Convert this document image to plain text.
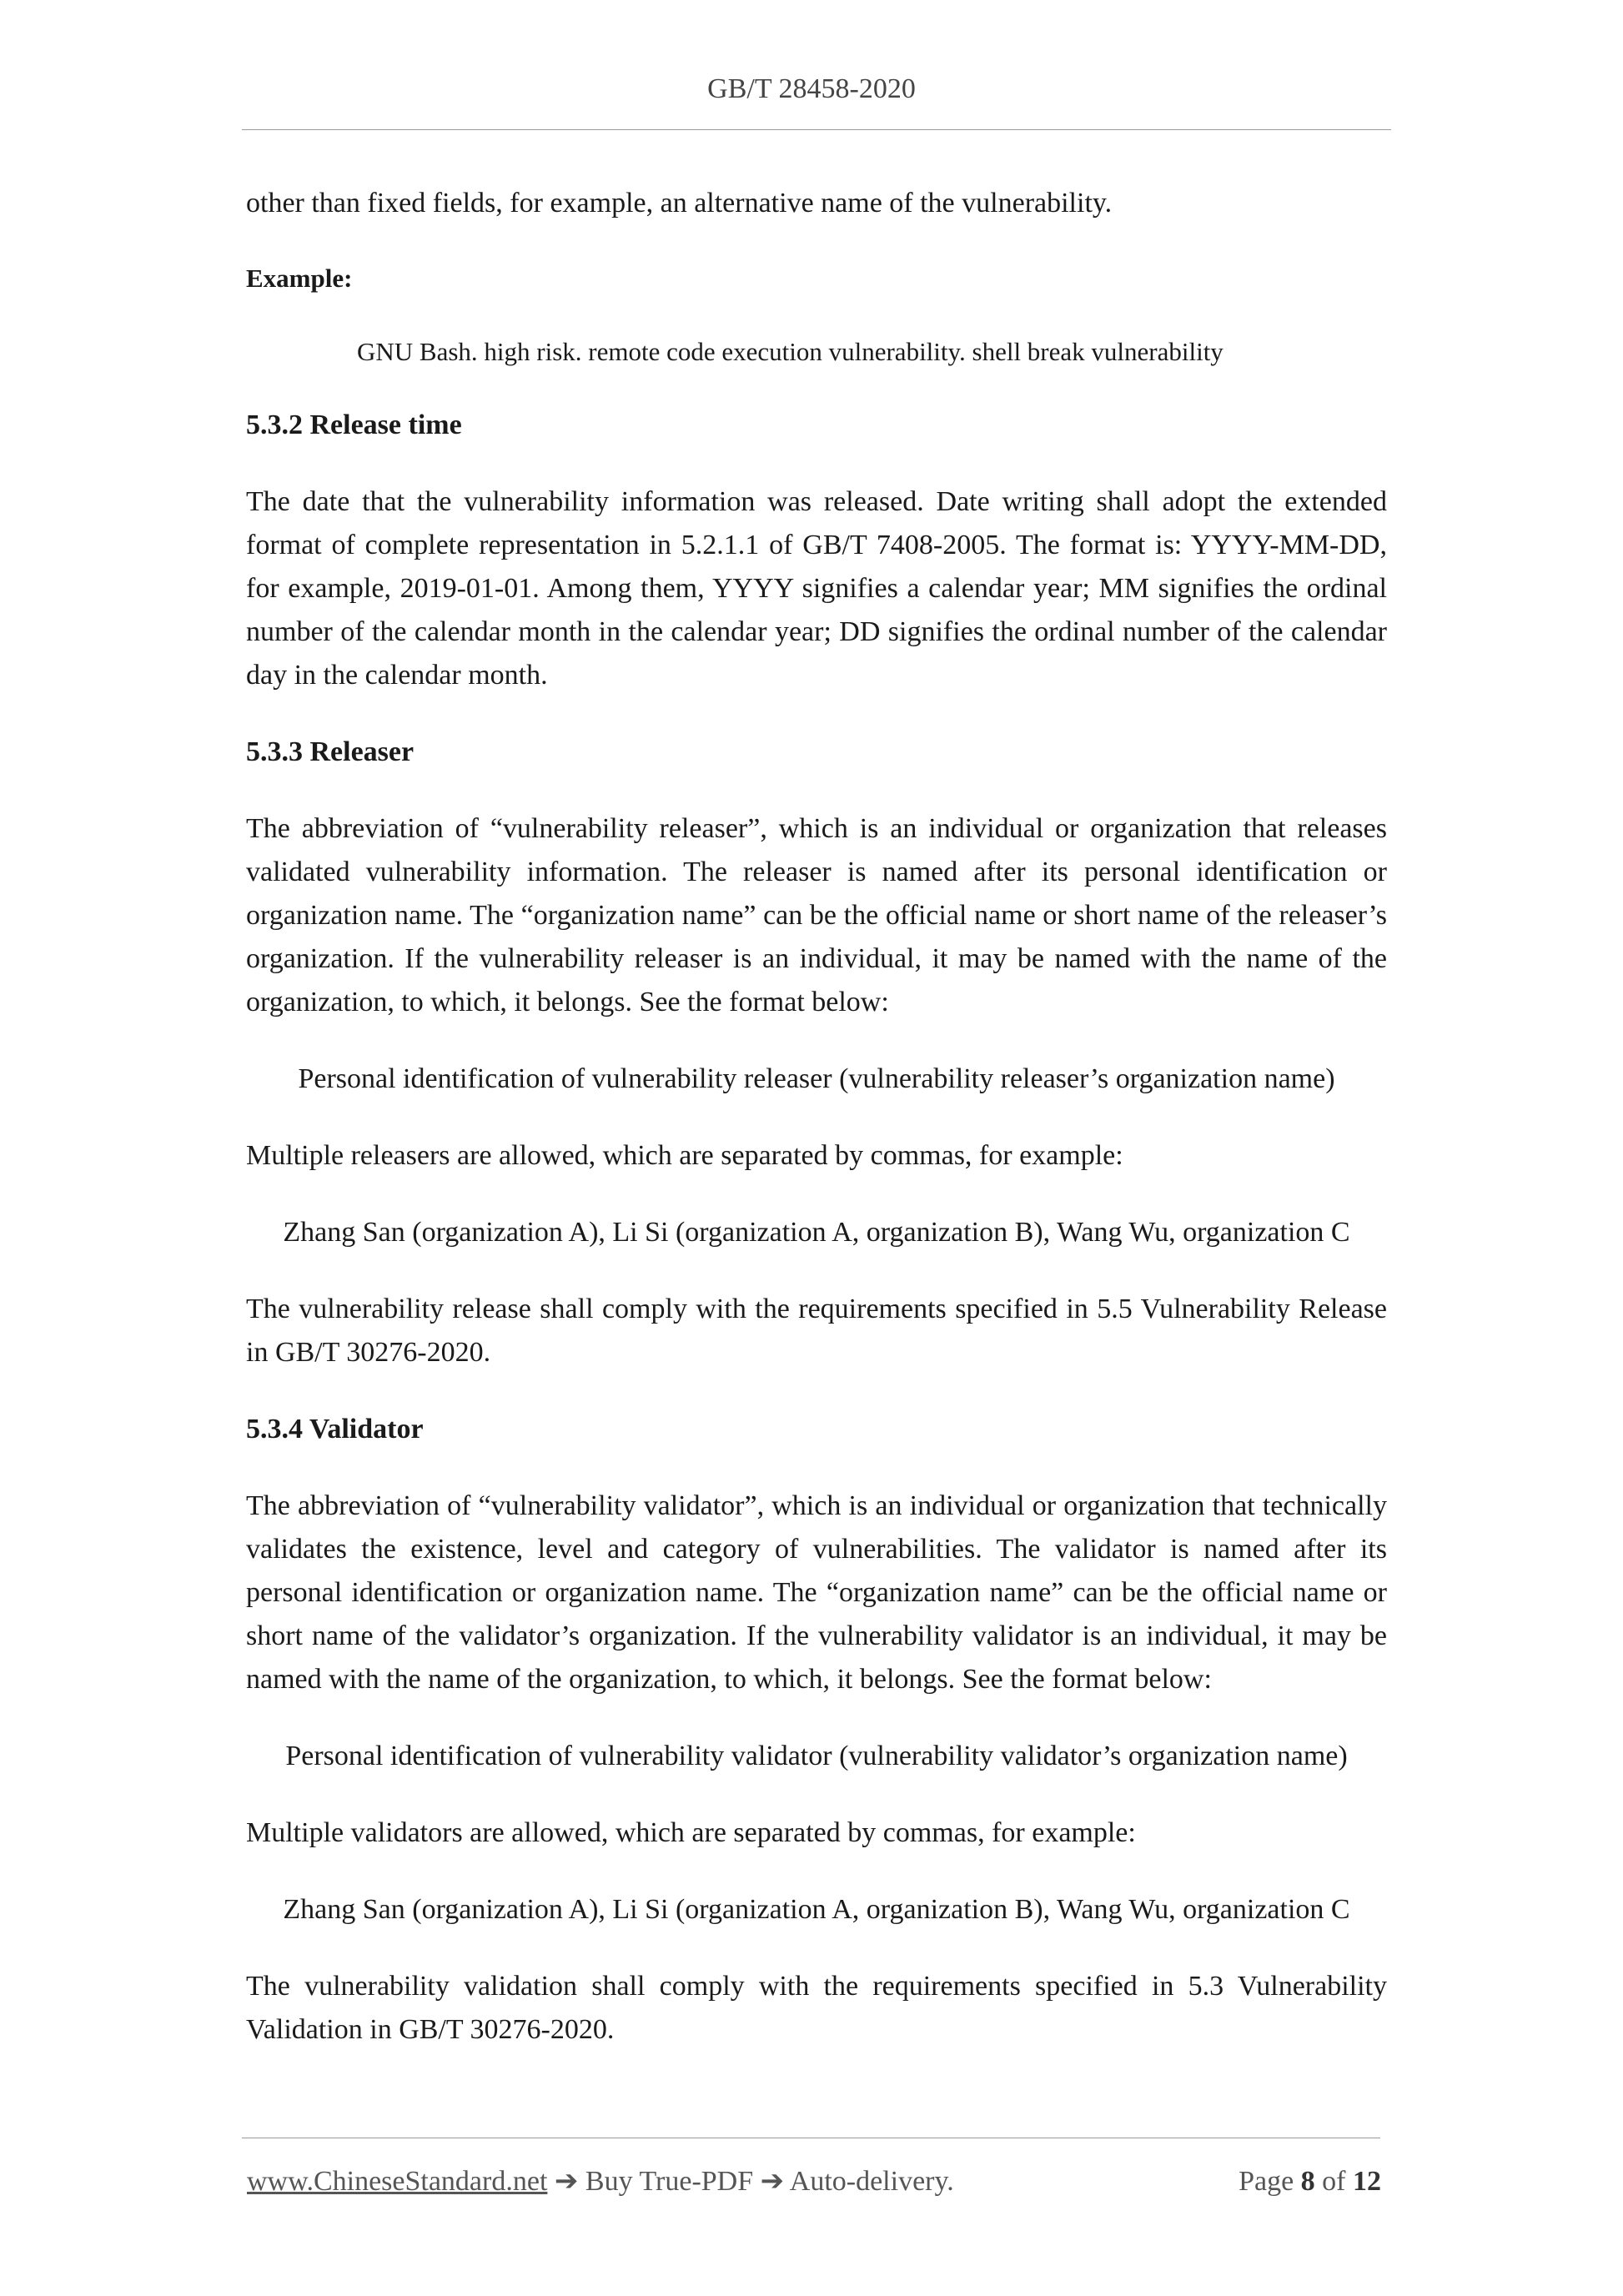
GB/T 28458-2020

other than fixed fields, for example, an alternative name of the vulnerability.

Example:
GNU Bash. high risk. remote code execution vulnerability. shell break vulnerability
5.3.2 Release time

The date that the vulnerability information was released. Date writing shall adopt the extended format of complete representation in 5.2.1.1 of GB/T 7408-2005. The format is: YYYY-MM-DD, for example, 2019-01-01. Among them, YYYY signifies a calendar year; MM signifies the ordinal number of the calendar month in the calendar year; DD signifies the ordinal number of the calendar day in the calendar month.

5.3.3 Releaser

The abbreviation of “vulnerability releaser”, which is an individual or organization that releases validated vulnerability information. The releaser is named after its personal identification or organization name. The “organization name” can be the official name or short name of the releaser’s organization. If the vulnerability releaser is an individual, it may be named with the name of the organization, to which, it belongs. See the format below:

Personal identification of vulnerability releaser (vulnerability releaser’s organization name)

Multiple releasers are allowed, which are separated by commas, for example:

Zhang San (organization A), Li Si (organization A, organization B), Wang Wu, organization C

The vulnerability release shall comply with the requirements specified in 5.5 Vulnerability Release in GB/T 30276-2020.

5.3.4 Validator

The abbreviation of “vulnerability validator”, which is an individual or organization that technically validates the existence, level and category of vulnerabilities. The validator is named after its personal identification or organization name. The “organization name” can be the official name or short name of the validator’s organization. If the vulnerability validator is an individual, it may be named with the name of the organization, to which, it belongs. See the format below:

Personal identification of vulnerability validator (vulnerability validator’s organization name)

Multiple validators are allowed, which are separated by commas, for example:

Zhang San (organization A), Li Si (organization A, organization B), Wang Wu, organization C

The vulnerability validation shall comply with the requirements specified in 5.3 Vulnerability Validation in GB/T 30276-2020.

www.ChineseStandard.net ➔ Buy True-PDF ➔ Auto-delivery.	Page 8 of 12
